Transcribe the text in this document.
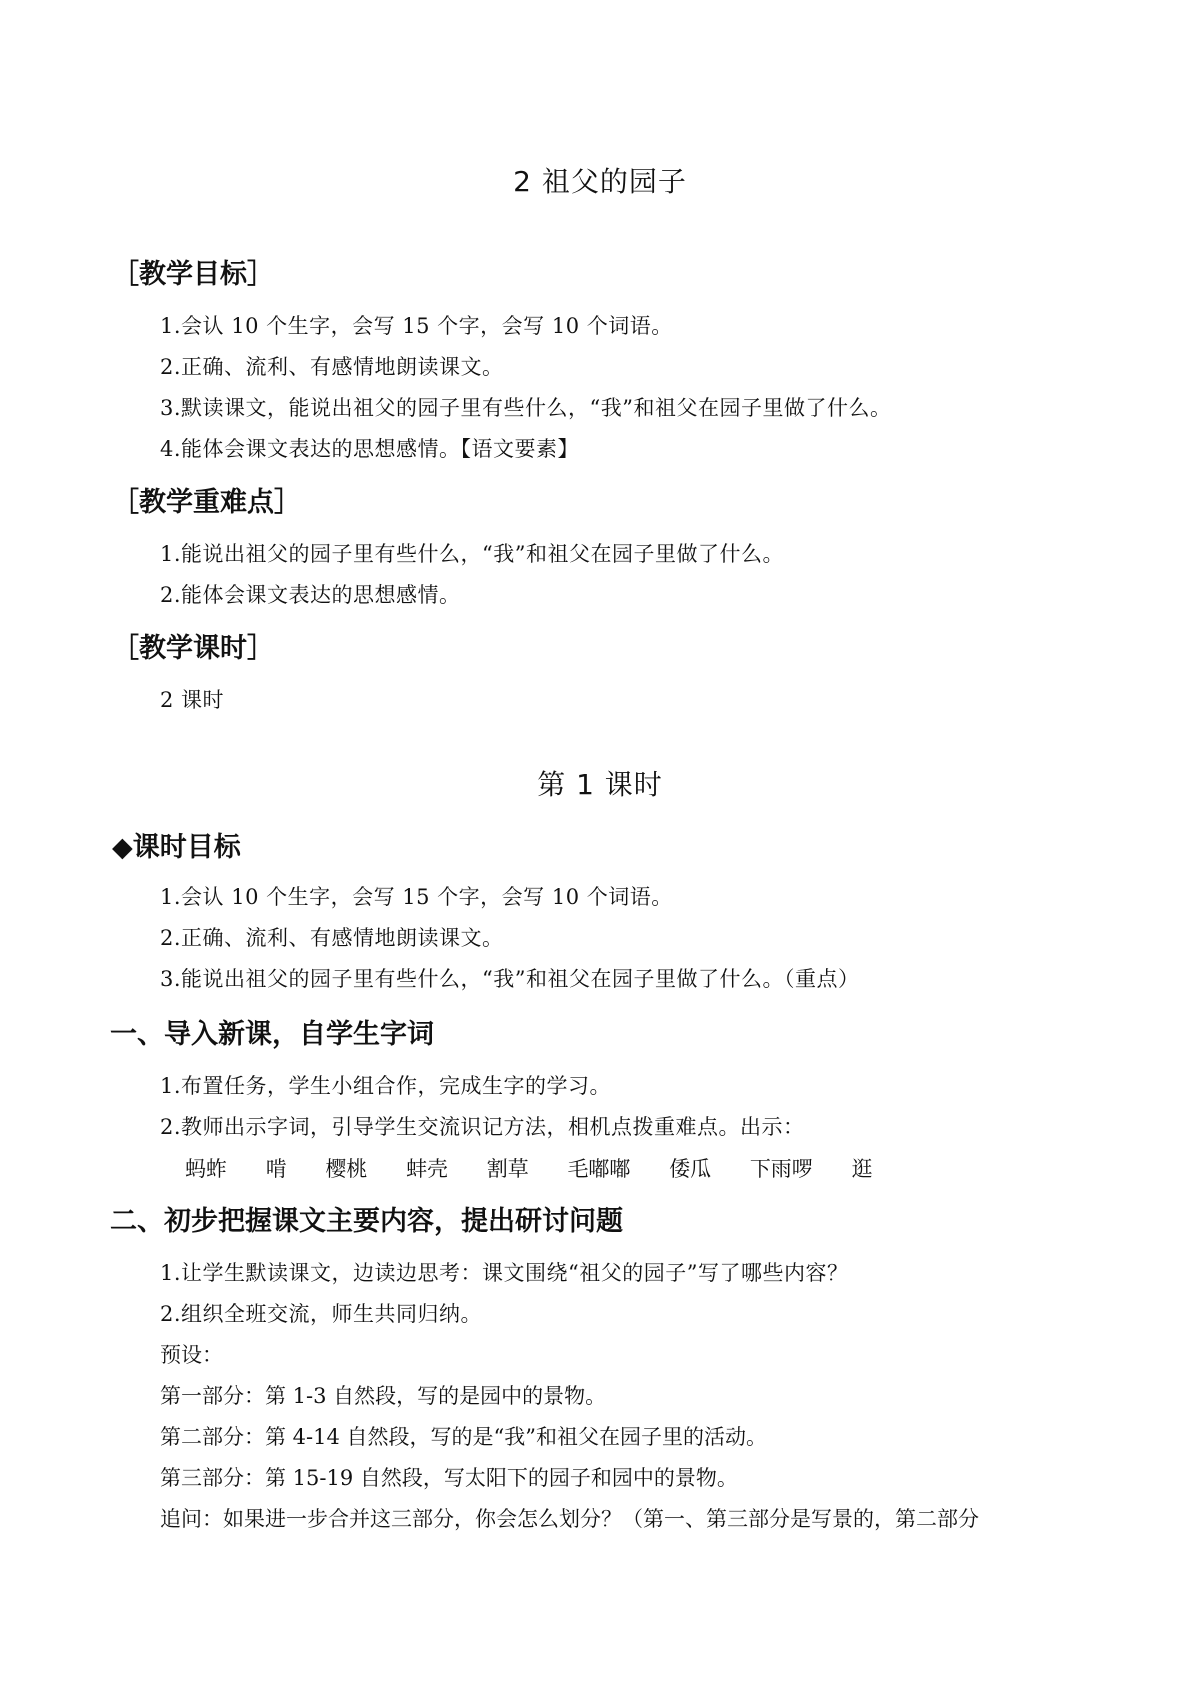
2 祖父的园子
［教学目标］
1.会认 10 个生字，会写 15 个字，会写 10 个词语。
2.正确、流利、有感情地朗读课文。
3.默读课文，能说出祖父的园子里有些什么，“我”和祖父在园子里做了什么。
4.能体会课文表达的思想感情。【语文要素】
［教学重难点］
1.能说出祖父的园子里有些什么，“我”和祖父在园子里做了什么。
2.能体会课文表达的思想感情。
［教学课时］
2 课时
第 1 课时
◆课时目标
1.会认 10 个生字，会写 15 个字，会写 10 个词语。
2.正确、流利、有感情地朗读课文。
3.能说出祖父的园子里有些什么，“我”和祖父在园子里做了什么。（重点）
一、导入新课，自学生字词
1.布置任务，学生小组合作，完成生字的学习。
2.教师出示字词，引导学生交流识记方法，相机点拨重难点。出示：
蚂蚱 啃 樱桃 蚌壳 割草 毛嘟嘟 倭瓜 下雨啰 逛
二、初步把握课文主要内容，提出研讨问题
1.让学生默读课文，边读边思考：课文围绕“祖父的园子”写了哪些内容？
2.组织全班交流，师生共同归纳。
预设：
第一部分：第 1-3 自然段，写的是园中的景物。
第二部分：第 4-14 自然段，写的是“我”和祖父在园子里的活动。
第三部分：第 15-19 自然段，写太阳下的园子和园中的景物。
追问：如果进一步合并这三部分，你会怎么划分？（第一、第三部分是写景的，第二部分
